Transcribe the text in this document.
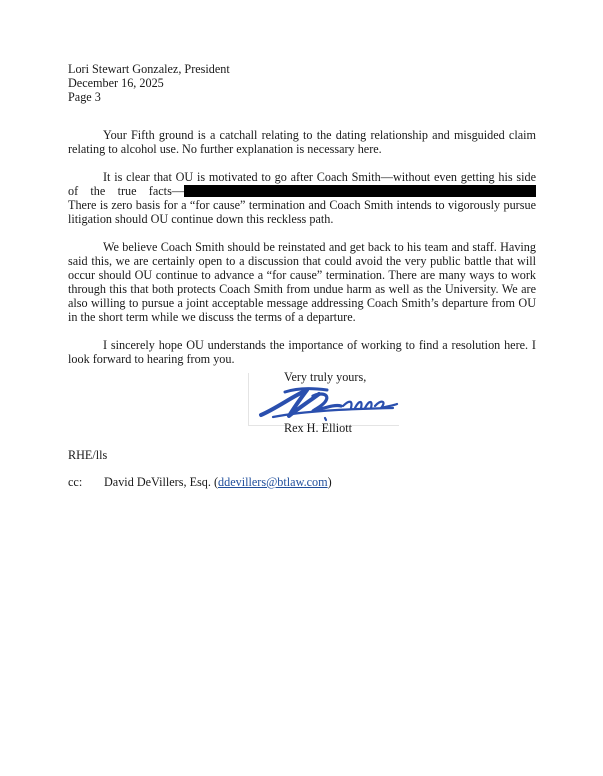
Lori Stewart Gonzalez, President
December 16, 2025
Page 3

Your Fifth ground is a catchall relating to the dating relationship and misguided claim relating to alcohol use. No further explanation is necessary here.

It is clear that OU is motivated to go after Coach Smith—without even getting his side of the true facts— There is zero basis for a “for cause” termination and Coach Smith intends to vigorously pursue litigation should OU continue down this reckless path.

We believe Coach Smith should be reinstated and get back to his team and staff. Having said this, we are certainly open to a discussion that could avoid the very public battle that will occur should OU continue to advance a “for cause” termination. There are many ways to work through this that both protects Coach Smith from undue harm as well as the University. We are also willing to pursue a joint acceptable message addressing Coach Smith’s departure from OU in the short term while we discuss the terms of a departure.

I sincerely hope OU understands the importance of working to find a resolution here. I look forward to hearing from you.

Very truly yours,
Rex H. Elliott
RHE/lls
cc: David DeVillers, Esq. (ddevillers@btlaw.com)
